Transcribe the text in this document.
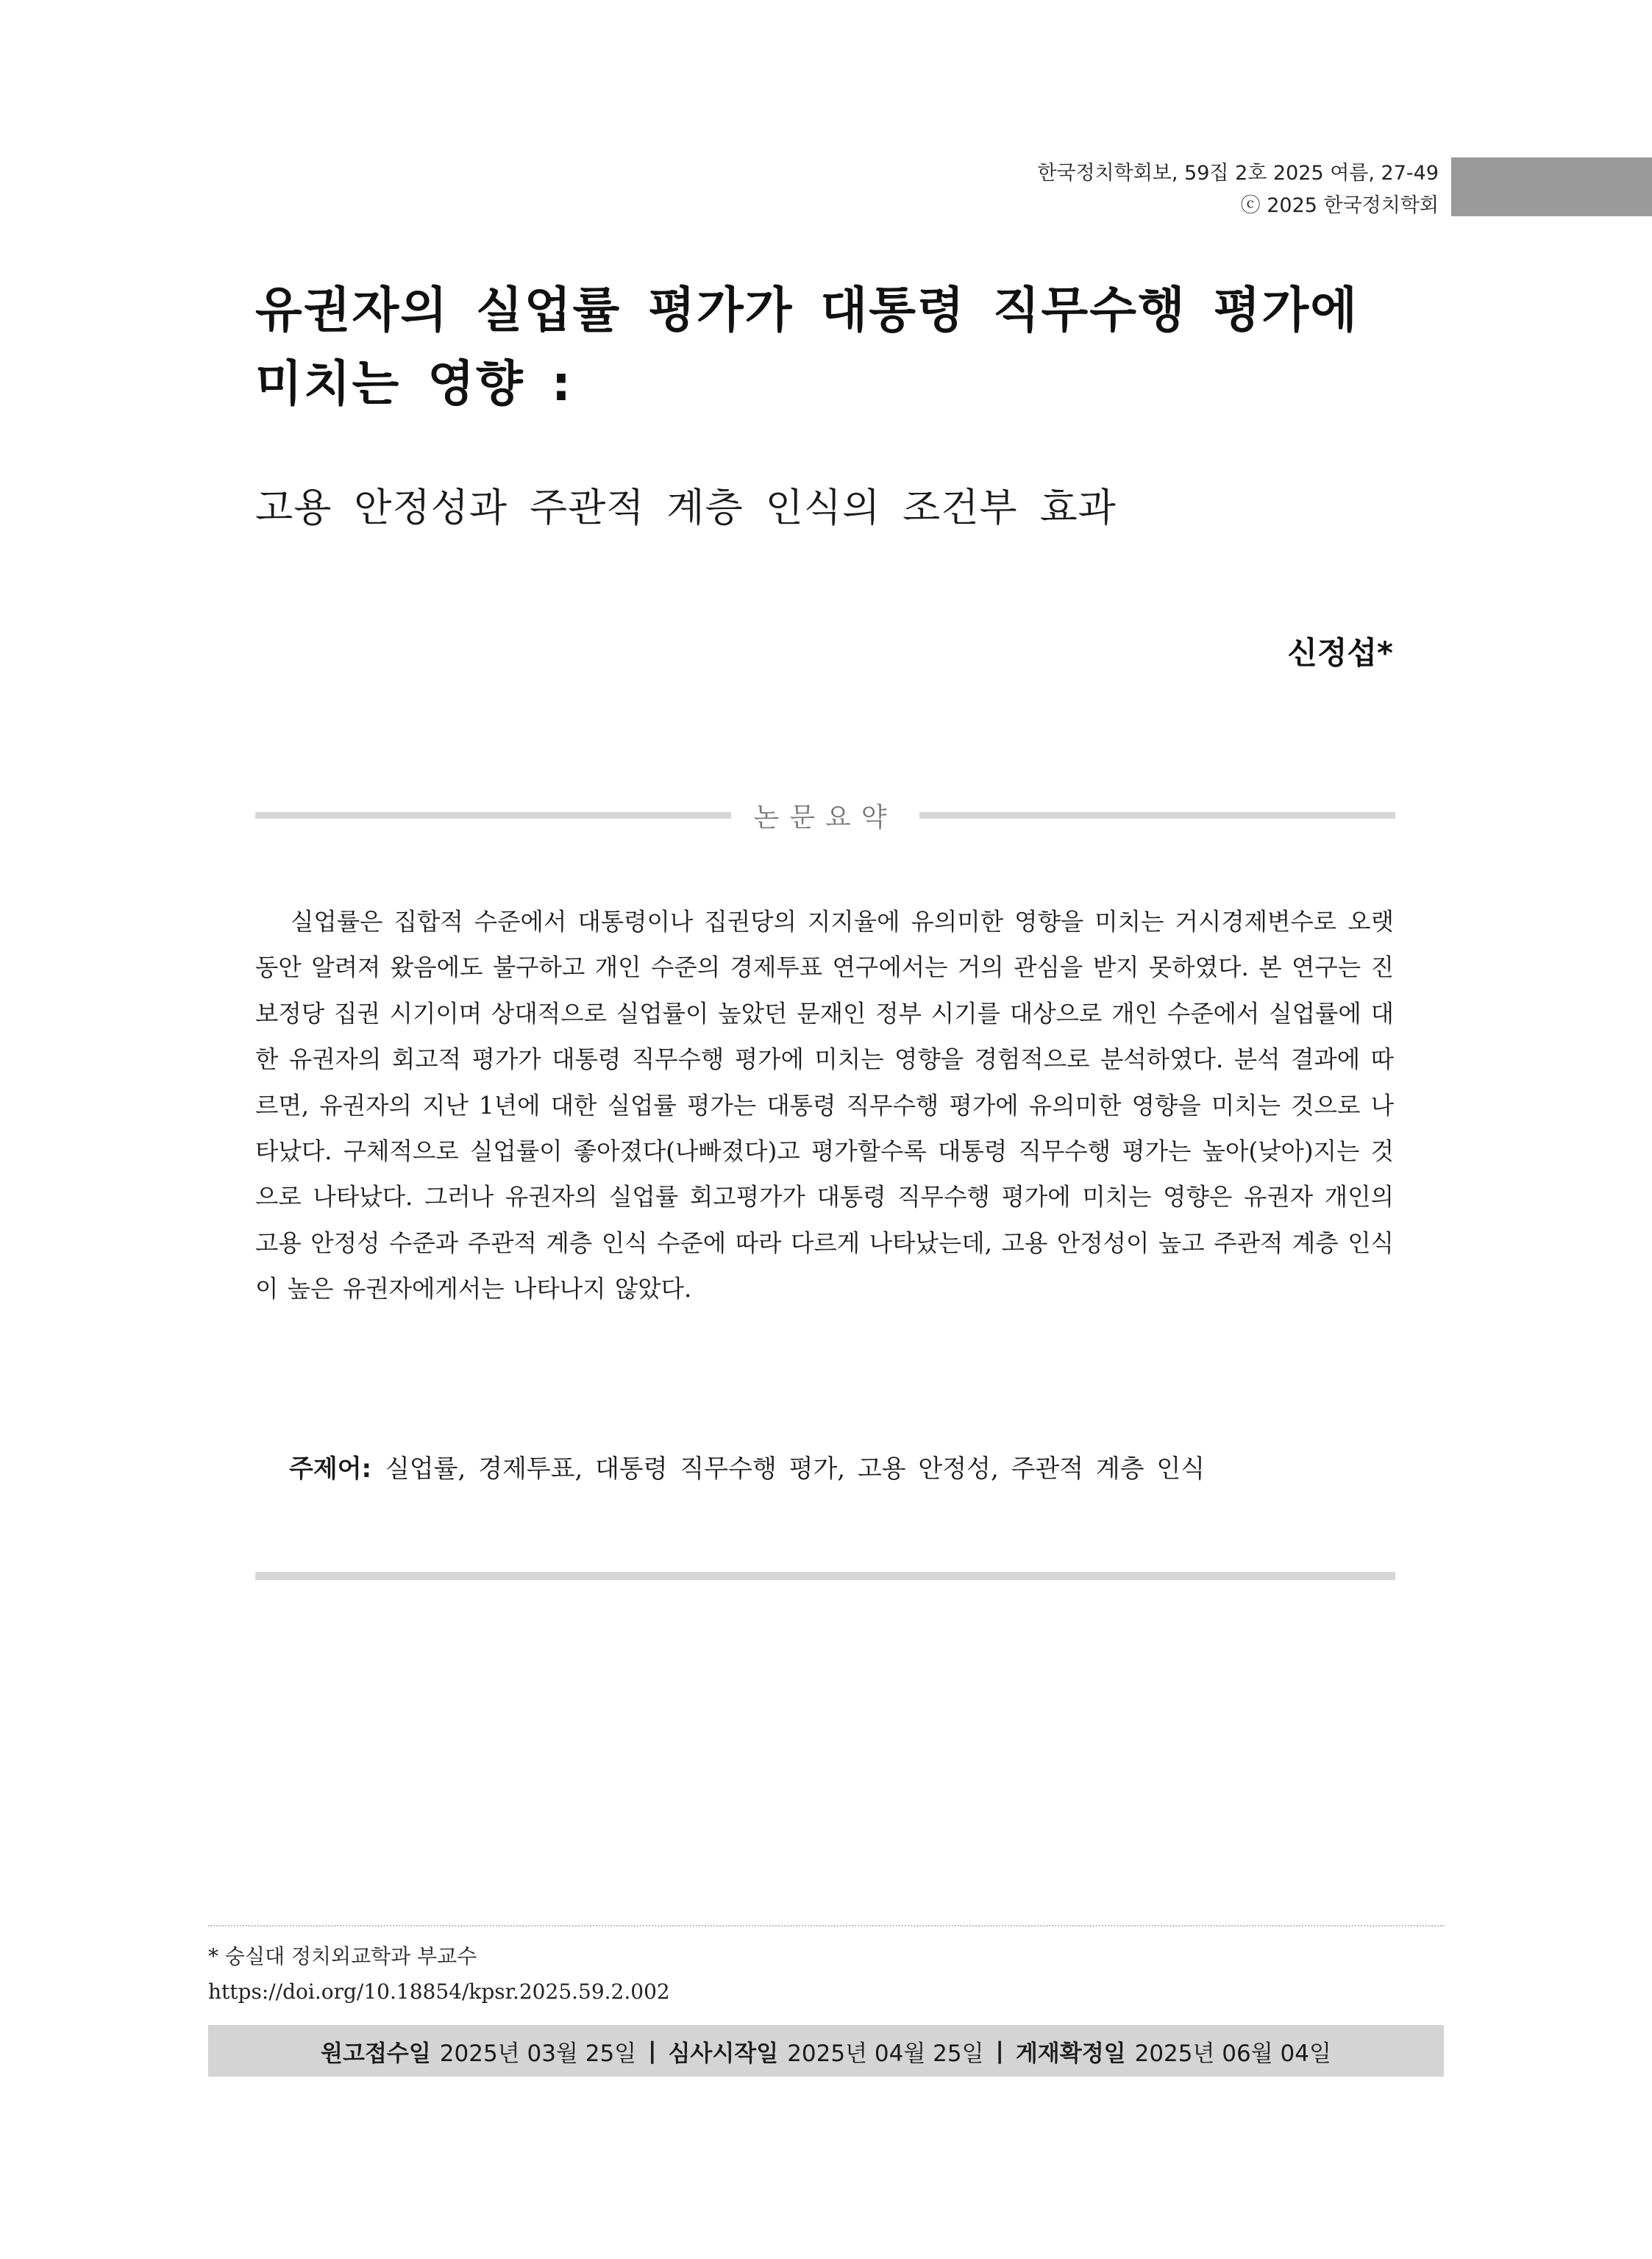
한국정치학회보, 59집 2호 2025 여름, 27-49
ⓒ 2025 한국정치학회
유권자의 실업률 평가가 대통령 직무수행 평가에
미치는 영향 :
고용 안정성과 주관적 계층 인식의 조건부 효과
신정섭*
논문요약

실업률은 집합적 수준에서 대통령이나 집권당의 지지율에 유의미한 영향을 미치는 거시경제변수로 오랫동안 알려져 왔음에도 불구하고 개인 수준의 경제투표 연구에서는 거의 관심을 받지 못하였다. 본 연구는 진보정당 집권 시기이며 상대적으로 실업률이 높았던 문재인 정부 시기를 대상으로 개인 수준에서 실업률에 대한 유권자의 회고적 평가가 대통령 직무수행 평가에 미치는 영향을 경험적으로 분석하였다. 분석 결과에 따르면, 유권자의 지난 1년에 대한 실업률 평가는 대통령 직무수행 평가에 유의미한 영향을 미치는 것으로 나타났다. 구체적으로 실업률이 좋아졌다(나빠졌다)고 평가할수록 대통령 직무수행 평가는 높아(낮아)지는 것으로 나타났다. 그러나 유권자의 실업률 회고평가가 대통령 직무수행 평가에 미치는 영향은 유권자 개인의 고용 안정성 수준과 주관적 계층 인식 수준에 따라 다르게 나타났는데, 고용 안정성이 높고 주관적 계층 인식이 높은 유권자에게서는 나타나지 않았다.

주제어: 실업률, 경제투표, 대통령 직무수행 평가, 고용 안정성, 주관적 계층 인식
* 숭실대 정치외교학과 부교수
https://doi.org/10.18854/kpsr.2025.59.2.002
원고접수일 2025년 03월 25일 | 심사시작일 2025년 04월 25일 | 게재확정일 2025년 06월 04일
